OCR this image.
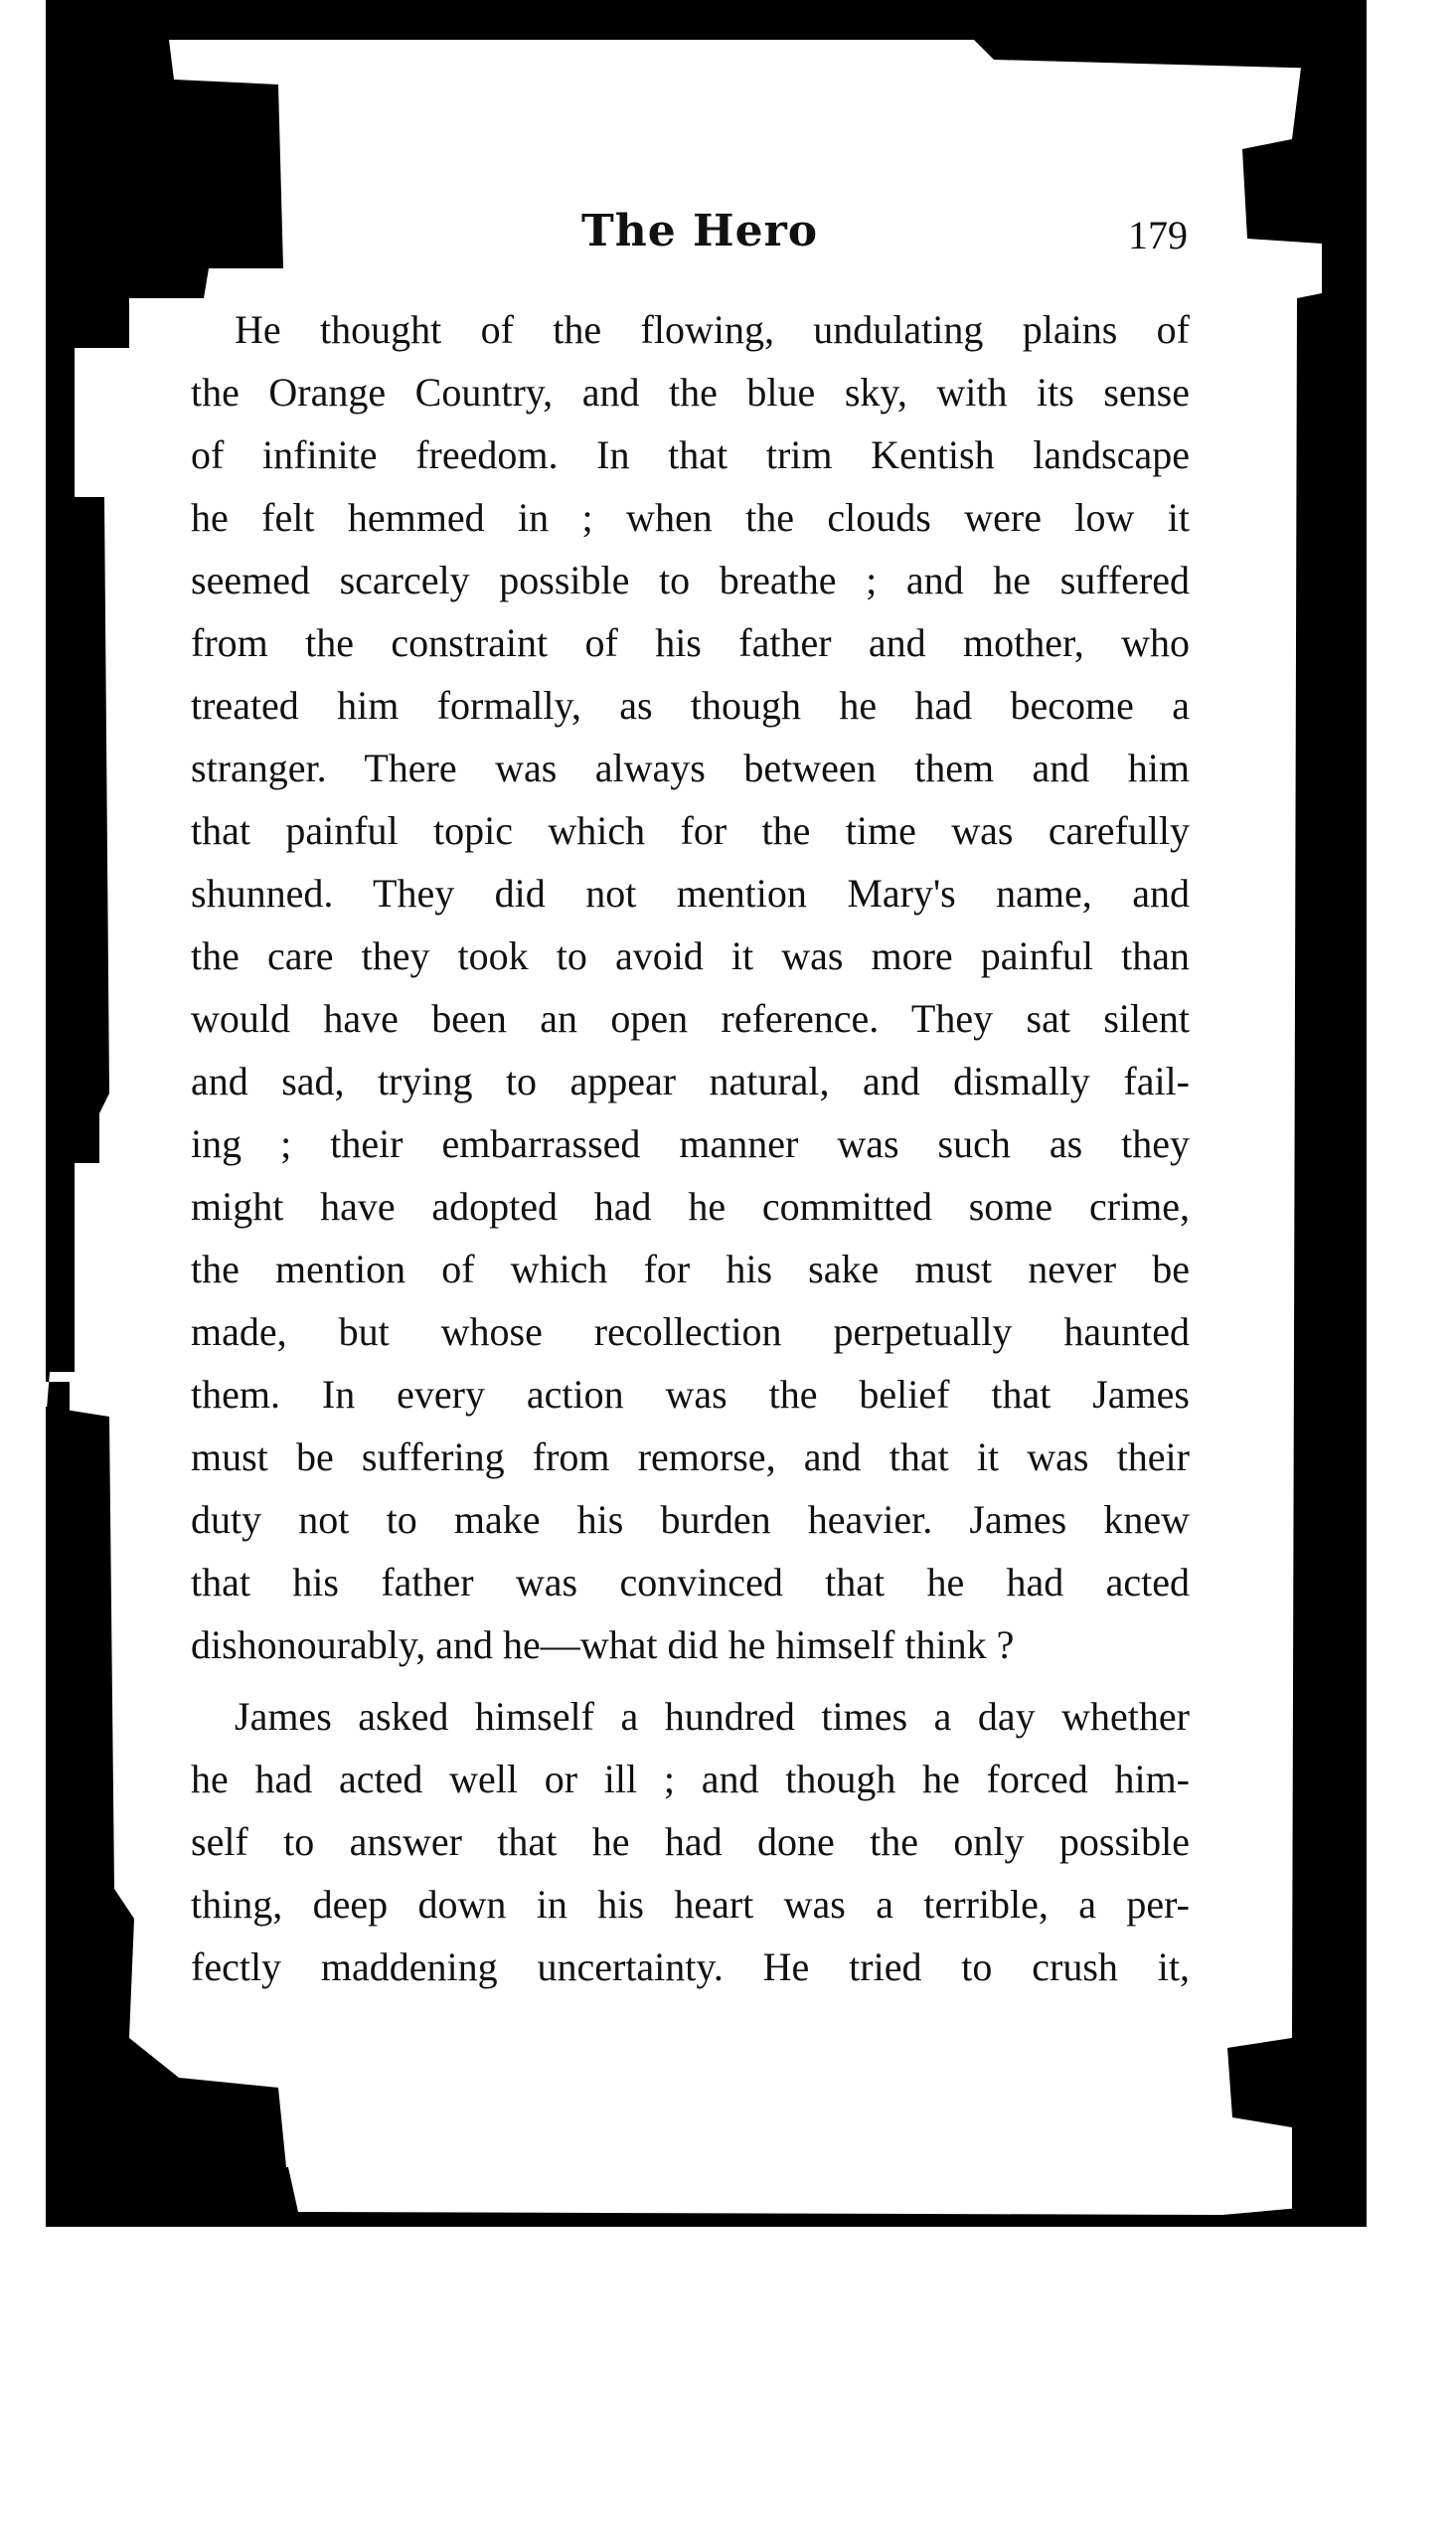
The Hero	179
He thought of the flowing, undulating plains of
the Orange Country, and the blue sky, with its sense
of infinite freedom. In that trim Kentish landscape
he felt hemmed in ; when the clouds were low it
seemed scarcely possible to breathe ; and he suffered
from the constraint of his father and mother, who
treated him formally, as though he had become a
stranger. There was always between them and him
that painful topic which for the time was carefully
shunned. They did not mention Mary's name, and
the care they took to avoid it was more painful than
would have been an open reference. They sat silent
and sad, trying to appear natural, and dismally fail-
ing ; their embarrassed manner was such as they
might have adopted had he committed some crime,
the mention of which for his sake must never be
made, but whose recollection perpetually haunted
them. In every action was the belief that James
must be suffering from remorse, and that it was their
duty not to make his burden heavier. James knew
that his father was convinced that he had acted
dishonourably, and he—what did he himself think ?
James asked himself a hundred times a day whether
he had acted well or ill ; and though he forced him-
self to answer that he had done the only possible
thing, deep down in his heart was a terrible, a per-
fectly maddening uncertainty. He tried to crush it,
